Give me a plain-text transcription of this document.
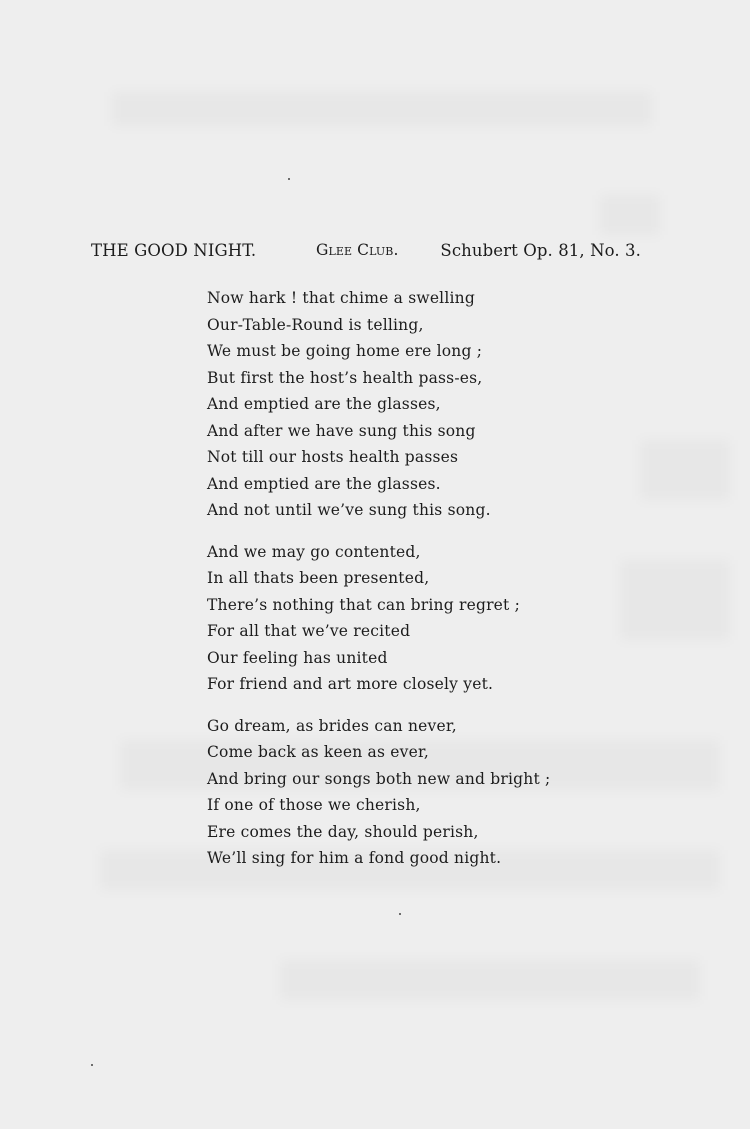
THE GOOD NIGHT.	Glee Club.	Schubert Op. 81, No. 3.
Now hark ! that chime a swelling
Our-Table-Round is telling,
We must be going home ere long ;
But first the host’s health pass-es,
And emptied are the glasses,
And after we have sung this song
Not till our hosts health passes
And emptied are the glasses.
And not until we’ve sung this song.
And we may go contented,
In all thats been presented,
There’s nothing that can bring regret ;
For all that we’ve recited
Our feeling has united
For friend and art more closely yet.
Go dream, as brides can never,
Come back as keen as ever,
And bring our songs both new and bright ;
If one of those we cherish,
Ere comes the day, should perish,
We’ll sing for him a fond good night.
